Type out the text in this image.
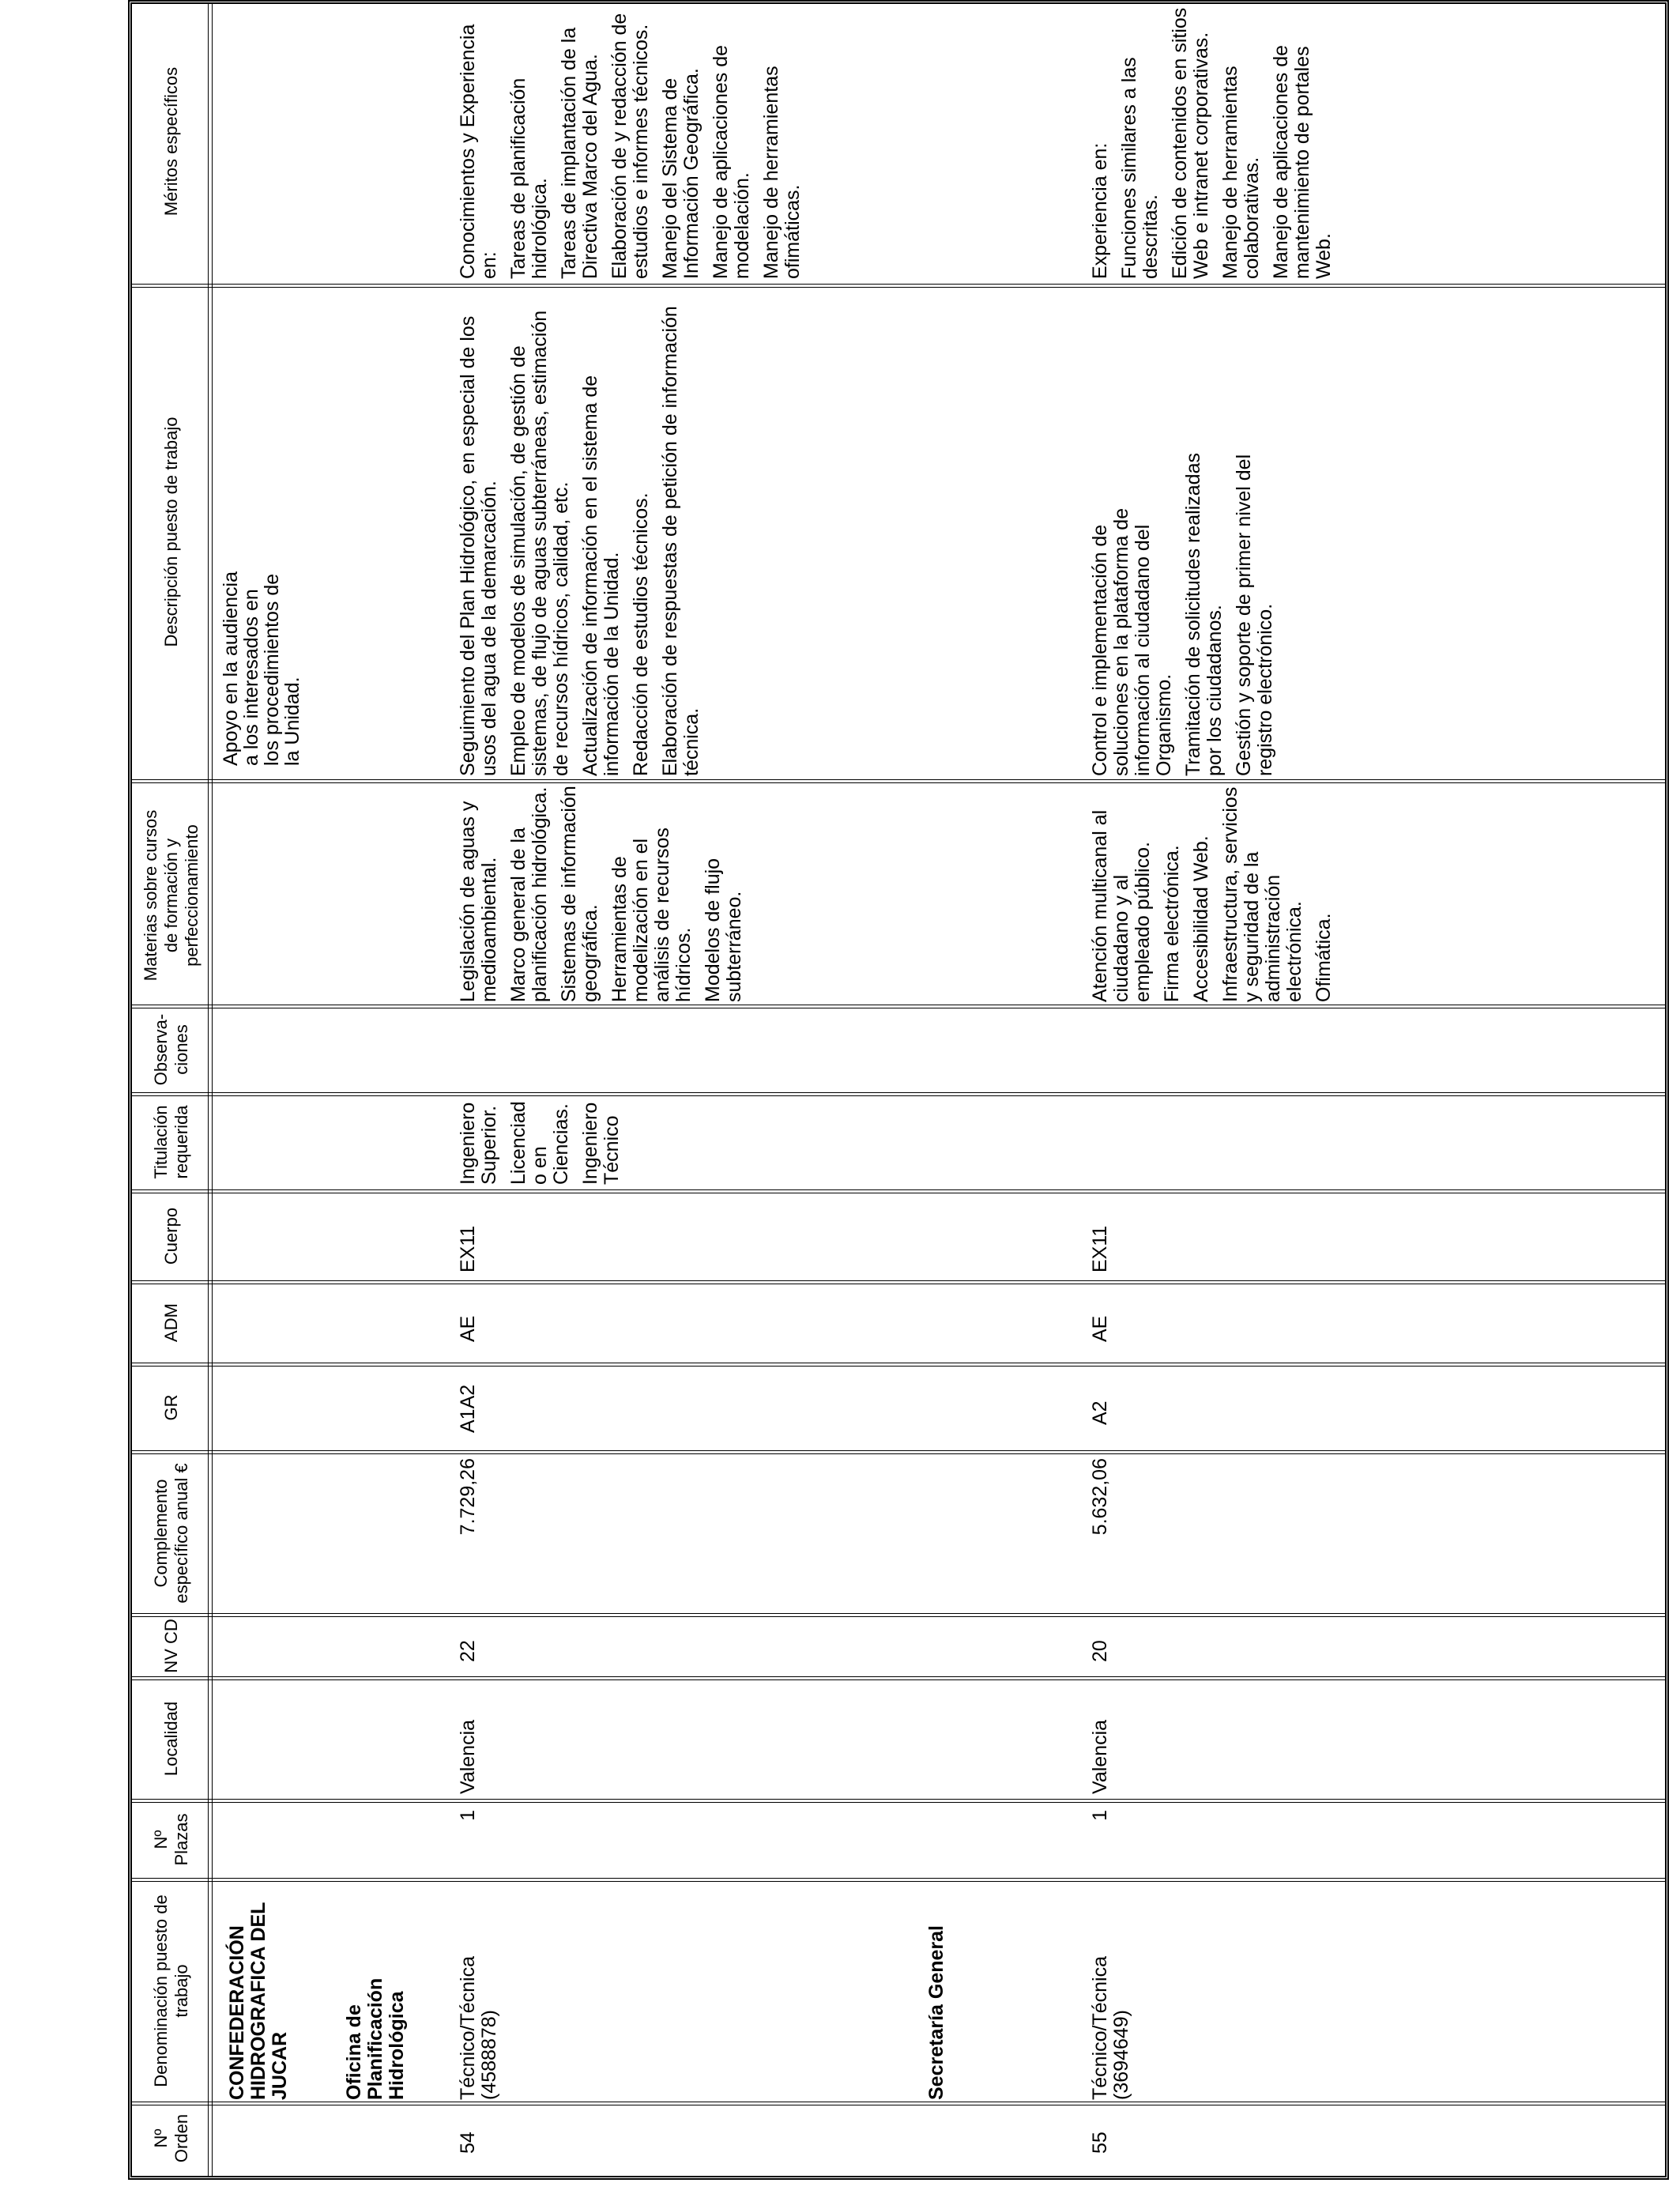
Nº Orden
Denominación puesto de trabajo
Nº Plazas
Localidad
NV CD
Complemento específico anual €
GR
ADM
Cuerpo
Titulación requerida
Observa-ciones
Materias sobre cursos de formación y perfeccionamiento
Descripción puesto de trabajo
Méritos específicos

Apoyo en la audiencia a los interesados en los procedimientos de la Unidad.

CONFEDERACIÓN HIDROGRAFICA DEL JUCAR	Oficina de Planificación Hidrológica	Secretaría General
54
Técnico/Técnica (4588878)
1
Valencia
22
7.729,26
A1A2
AE
EX11

Ingeniero Superior. Licenciad o en Ciencias. Ingeniero Técnico

Legislación de aguas y medioambiental. Marco general de la planificación hidrológica. Sistemas de información geográfica. Herramientas de modelización en el análisis de recursos hídricos. Modelos de flujo subterráneo.

Seguimiento del Plan Hidrológico, en especial de los usos del agua de la demarcación. Empleo de modelos de simulación, de gestión de sistemas, de flujo de aguas subterráneas, estimación de recursos hídricos, calidad, etc. Actualización de información en el sistema de información de la Unidad. Redacción de estudios técnicos. Elaboración de respuestas de petición de información técnica.

Conocimientos y Experiencia en: Tareas de planificación hidrológica. Tareas de implantación de la Directiva Marco del Agua. Elaboración de y redacción de estudios e informes técnicos. Manejo del Sistema de Información Geográfica. Manejo de aplicaciones de modelación. Manejo de herramientas ofimáticas.

55
Técnico/Técnica (3694649)
1
Valencia
20
5.632,06
A2
AE
EX11

Atención multicanal al ciudadano y al empleado público. Firma electrónica. Accesibilidad Web. Infraestructura, servicios y seguridad de la administración electrónica. Ofimática.

Control e implementación de soluciones en la plataforma de información al ciudadano del Organismo. Tramitación de solicitudes realizadas por los ciudadanos. Gestión y soporte de primer nivel del registro electrónico.

Experiencia en: Funciones similares a las descritas. Edición de contenidos en sitios Web e intranet corporativas. Manejo de herramientas colaborativas. Manejo de aplicaciones de mantenimiento de portales Web.
